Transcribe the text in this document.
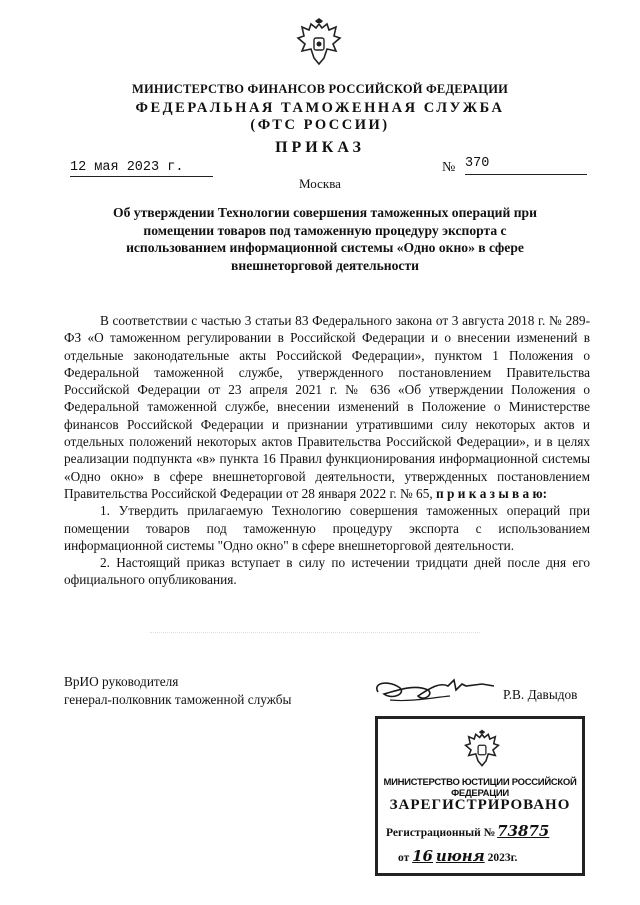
МИНИСТЕРСТВО ФИНАНСОВ РОССИЙСКОЙ ФЕДЕРАЦИИ
ФЕДЕРАЛЬНАЯ ТАМОЖЕННАЯ СЛУЖБА
(ФТС РОССИИ)
ПРИКАЗ
12 мая 2023 г.	№ 370
Москва
Об утверждении Технологии совершения таможенных операций при помещении товаров под таможенную процедуру экспорта с использованием информационной системы «Одно окно» в сфере внешнеторговой деятельности

В соответствии с частью 3 статьи 83 Федерального закона от 3 августа 2018 г. № 289-ФЗ «О таможенном регулировании в Российской Федерации и о внесении изменений в отдельные законодательные акты Российской Федерации», пунктом 1 Положения о Федеральной таможенной службе, утвержденного постановлением Правительства Российской Федерации от 23 апреля 2021 г. № 636 «Об утверждении Положения о Федеральной таможенной службе, внесении изменений в Положение о Министерстве финансов Российской Федерации и признании утратившими силу некоторых актов и отдельных положений некоторых актов Правительства Российской Федерации», и в целях реализации подпункта «в» пункта 16 Правил функционирования информационной системы «Одно окно» в сфере внешнеторговой деятельности, утвержденных постановлением Правительства Российской Федерации от 28 января 2022 г. № 65, п р и к а з ы в а ю:

1. Утвердить прилагаемую Технологию совершения таможенных операций при помещении товаров под таможенную процедуру экспорта с использованием информационной системы "Одно окно" в сфере внешнеторговой деятельности.

2. Настоящий приказ вступает в силу по истечении тридцати дней после дня его официального опубликования.

ВрИО руководителя
генерал-полковник таможенной службы	Р.В. Давыдов
МИНИСТЕРСТВО ЮСТИЦИИ РОССИЙСКОЙ ФЕДЕРАЦИИ
ЗАРЕГИСТРИРОВАНО
Регистрационный № 73875
от 16 июня 2023г.
